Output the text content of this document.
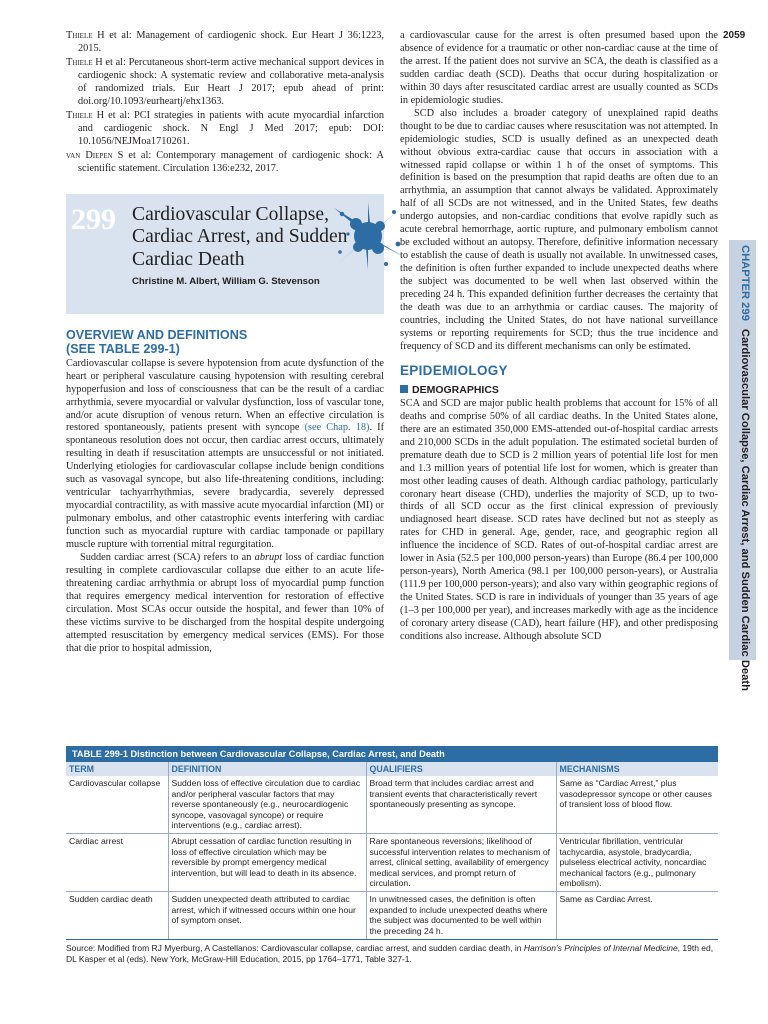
2059

Thiele H et al: Management of cardiogenic shock. Eur Heart J 36:1223, 2015.

Thiele H et al: Percutaneous short-term active mechanical support devices in cardiogenic shock: A systematic review and collaborative meta-analysis of randomized trials. Eur Heart J 2017; epub ahead of print: doi.org/10.1093/eurheartj/ehx1363.

Thiele H et al: PCI strategies in patients with acute myocardial infarction and cardiogenic shock. N Engl J Med 2017; epub: DOI: 10.1056/NEJMoa1710261.

van Diepen S et al: Contemporary management of cardiogenic shock: A scientific statement. Circulation 136:e232, 2017.

299 Cardiovascular Collapse,
Cardiac Arrest, and Sudden
Cardiac Death
Christine M. Albert, William G. Stevenson
OVERVIEW AND DEFINITIONS
(SEE TABLE 299-1)

Cardiovascular collapse is severe hypotension from acute dysfunction of the heart or peripheral vasculature causing hypotension with resulting cerebral hypoperfusion and loss of consciousness that can be the result of a cardiac arrhythmia, severe myocardial or valvular dysfunction, loss of vascular tone, and/or acute disruption of venous return. When an effective circulation is restored spontaneously, patients present with syncope (see Chap. 18). If spontaneous resolution does not occur, then cardiac arrest occurs, ultimately resulting in death if resuscitation attempts are unsuccessful or not initiated. Underlying etiologies for cardiovascular collapse include benign conditions such as vasovagal syncope, but also life-threatening conditions, including: ventricular tachyarrhythmias, severe bradycardia, severely depressed myocardial contractility, as with massive acute myocardial infarction (MI) or pulmonary embolus, and other catastrophic events interfering with cardiac function such as myocardial rupture with cardiac tamponade or papillary muscle rupture with torrential mitral regurgitation.

Sudden cardiac arrest (SCA) refers to an abrupt loss of cardiac function resulting in complete cardiovascular collapse due either to an acute life-threatening cardiac arrhythmia or abrupt loss of myocardial pump function that requires emergency medical intervention for restoration of effective circulation. Most SCAs occur outside the hospital, and fewer than 10% of these victims survive to be discharged from the hospital despite undergoing attempted resuscitation by emergency medical services (EMS). For those that die prior to hospital admission,

a cardiovascular cause for the arrest is often presumed based upon the absence of evidence for a traumatic or other non-cardiac cause at the time of the arrest. If the patient does not survive an SCA, the death is classified as a sudden cardiac death (SCD). Deaths that occur during hospitalization or within 30 days after resuscitated cardiac arrest are usually counted as SCDs in epidemiologic studies.

SCD also includes a broader category of unexplained rapid deaths thought to be due to cardiac causes where resuscitation was not attempted. In epidemiologic studies, SCD is usually defined as an unexpected death without obvious extra-cardiac cause that occurs in association with a witnessed rapid collapse or within 1 h of the onset of symptoms. This definition is based on the presumption that rapid deaths are often due to an arrhythmia, an assumption that cannot always be validated. Approximately half of all SCDs are not witnessed, and in the United States, few deaths undergo autopsies, and non-cardiac conditions that evolve rapidly such as acute cerebral hemorrhage, aortic rupture, and pulmonary embolism cannot be excluded without an autopsy. Therefore, definitive information necessary to establish the cause of death is usually not available. In unwitnessed cases, the definition is often further expanded to include unexpected deaths where the subject was documented to be well when last observed within the preceding 24 h. This expanded definition further decreases the certainty that the death was due to an arrhythmia or cardiac causes. The majority of countries, including the United States, do not have national surveillance systems or reporting requirements for SCD; thus the true incidence and frequency of SCD and its different mechanisms can only be estimated.

EPIDEMIOLOGY
DEMOGRAPHICS

SCA and SCD are major public health problems that account for 15% of all deaths and comprise 50% of all cardiac deaths. In the United States alone, there are an estimated 350,000 EMS-attended out-of-hospital cardiac arrests and 210,000 SCDs in the adult population. The estimated societal burden of premature death due to SCD is 2 million years of potential life lost for men and 1.3 million years of potential life lost for women, which is greater than most other leading causes of death. Although cardiac pathology, particularly coronary heart disease (CHD), underlies the majority of SCD, up to two-thirds of all SCD occur as the first clinical expression of previously undiagnosed heart disease. SCD rates have declined but not as steeply as rates for CHD in general. Age, gender, race, and geographic region all influence the incidence of SCD. Rates of out-of-hospital cardiac arrest are lower in Asia (52.5 per 100,000 person-years) than Europe (86.4 per 100,000 person-years), North America (98.1 per 100,000 person-years), or Australia (111.9 per 100,000 person-years); and also vary within geographic regions of the United States. SCD is rare in individuals of younger than 35 years of age (1–3 per 100,000 per year), and increases markedly with age as the incidence of coronary artery disease (CAD), heart failure (HF), and other predisposing conditions also increase. Although absolute SCD

CHAPTER 299Cardiovascular Collapse, Cardiac Arrest, and Sudden Cardiac Death
TABLE 299-1 Distinction between Cardiovascular Collapse, Cardiac Arrest, and Death
TERM	DEFINITION	QUALIFIERS	MECHANISMS
Cardiovascular collapse	Sudden loss of effective circulation due to cardiac and/or peripheral vascular factors that may reverse spontaneously (e.g., neurocardiogenic syncope, vasovagal syncope) or require interventions (e.g., cardiac arrest).	Broad term that includes cardiac arrest and transient events that characteristically revert spontaneously presenting as syncope.	Same as “Cardiac Arrest,” plus vasodepressor syncope or other causes of transient loss of blood flow.
Cardiac arrest	Abrupt cessation of cardiac function resulting in loss of effective circulation which may be reversible by prompt emergency medical intervention, but will lead to death in its absence.	Rare spontaneous reversions; likelihood of successful intervention relates to mechanism of arrest, clinical setting, availability of emergency medical services, and prompt return of circulation.	Ventricular fibrillation, ventricular tachycardia, asystole, bradycardia, pulseless electrical activity, noncardiac mechanical factors (e.g., pulmonary embolism).
Sudden cardiac death	Sudden unexpected death attributed to cardiac arrest, which if witnessed occurs within one hour of symptom onset.	In unwitnessed cases, the definition is often expanded to include unexpected deaths where the subject was documented to be well within the preceding 24 h.	Same as Cardiac Arrest.
Source: Modified from RJ Myerburg, A Castellanos: Cardiovascular collapse, cardiac arrest, and sudden cardiac death, in Harrison’s Principles of Internal Medicine, 19th ed, DL Kasper et al (eds). New York, McGraw-Hill Education, 2015, pp 1764–1771, Table 327-1.
